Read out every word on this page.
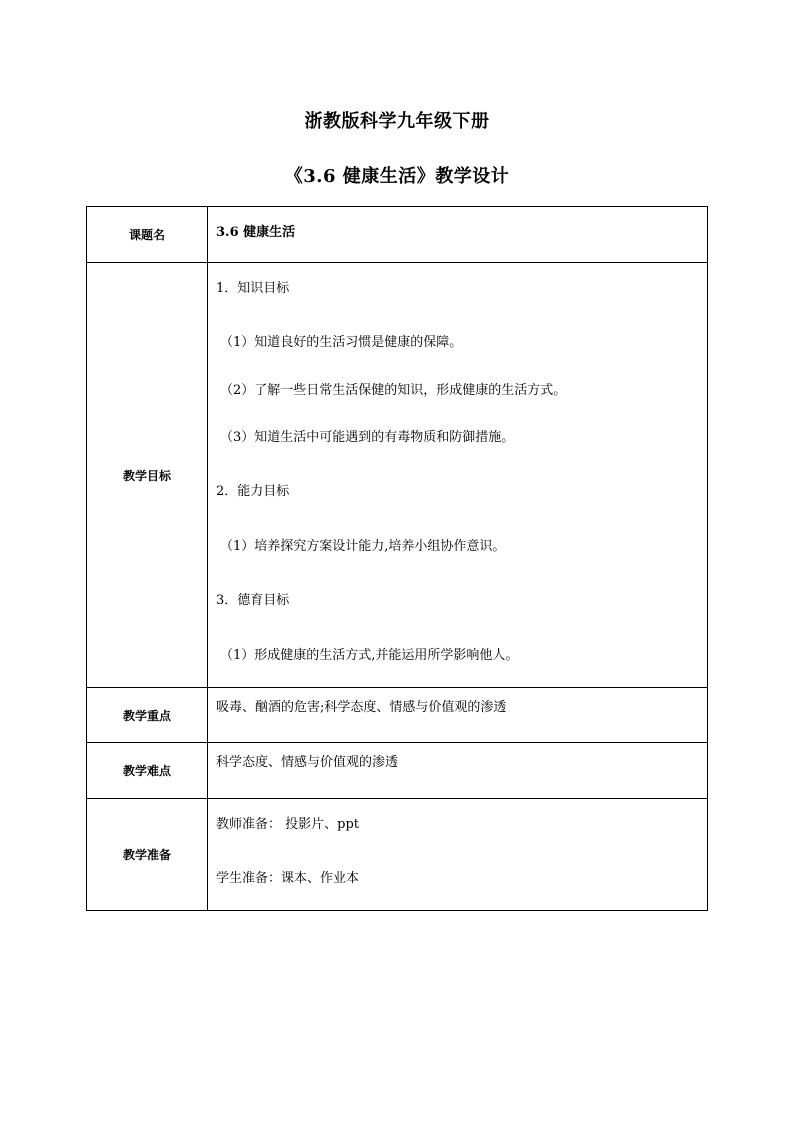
浙教版科学九年级下册
《3.6 健康生活》教学设计
课题名	3.6 健康生活
教学目标
1．知识目标
（1）知道良好的生活习惯是健康的保障。
（2）了解一些日常生活保健的知识，形成健康的生活方式。
（3）知道生活中可能遇到的有毒物质和防御措施。
2．能力目标
（1）培养探究方案设计能力,培养小组协作意识。
3．德育目标
（1）形成健康的生活方式,并能运用所学影响他人。
教学重点
吸毒、酗酒的危害;科学态度、情感与价值观的渗透
教学难点
科学态度、情感与价值观的渗透
教学准备
教师准备： 投影片、ppt
学生准备：课本、作业本
